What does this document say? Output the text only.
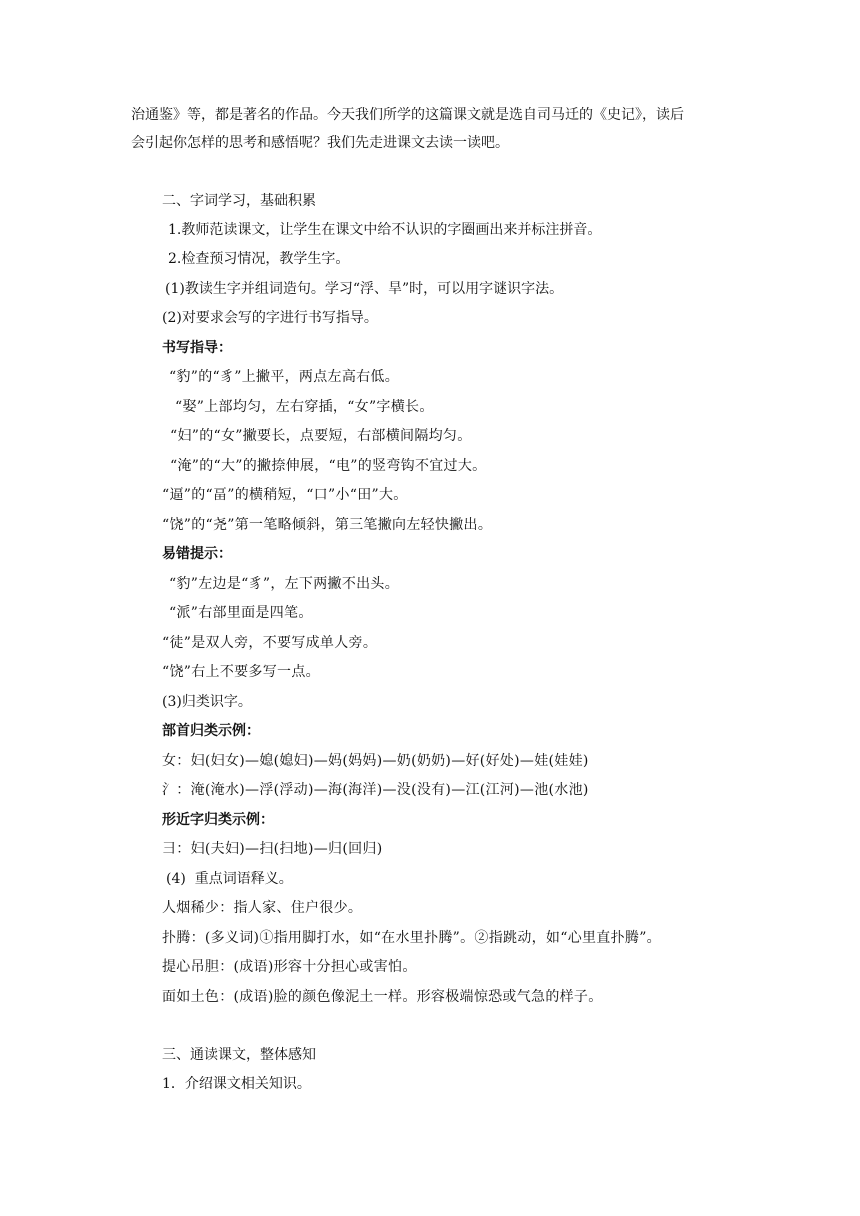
治通鉴》等，都是著名的作品。今天我们所学的这篇课文就是选自司马迁的《史记》，读后
会引起你怎样的思考和感悟呢？我们先走进课文去读一读吧。
二、字词学习，基础积累
1.教师范读课文，让学生在课文中给不认识的字圈画出来并标注拼音。
2.检查预习情况，教学生字。
(1)教读生字并组词造句。学习“浮、旱”时，可以用字谜识字法。
(2)对要求会写的字进行书写指导。
书写指导：
“豹”的“豸”上撇平，两点左高右低。
“娶”上部均匀，左右穿插，“女”字横长。
“妇”的“女”撇要长，点要短，右部横间隔均匀。
“淹”的“大”的撇捺伸展，“电”的竖弯钩不宜过大。
“逼”的“畐”的横稍短，“口”小“田”大。
“饶”的“尧”第一笔略倾斜，第三笔撇向左轻快撇出。
易错提示：
“豹”左边是“豸”，左下两撇不出头。
“派”右部里面是四笔。
“徒”是双人旁，不要写成单人旁。
“饶”右上不要多写一点。
(3)归类识字。
部首归类示例：
女：妇(妇女)—媳(媳妇)—妈(妈妈)—奶(奶奶)—好(好处)—娃(娃娃)
氵：淹(淹水)—浮(浮动)—海(海洋)—没(没有)—江(江河)—池(水池)
形近字归类示例：
彐：妇(夫妇)—扫(扫地)—归(回归)
(4)  重点词语释义。
人烟稀少：指人家、住户很少。
扑腾：(多义词)①指用脚打水，如“在水里扑腾”。②指跳动，如“心里直扑腾”。
提心吊胆：(成语)形容十分担心或害怕。
面如土色：(成语)脸的颜色像泥土一样。形容极端惊恐或气急的样子。
三、通读课文，整体感知
1．介绍课文相关知识。
